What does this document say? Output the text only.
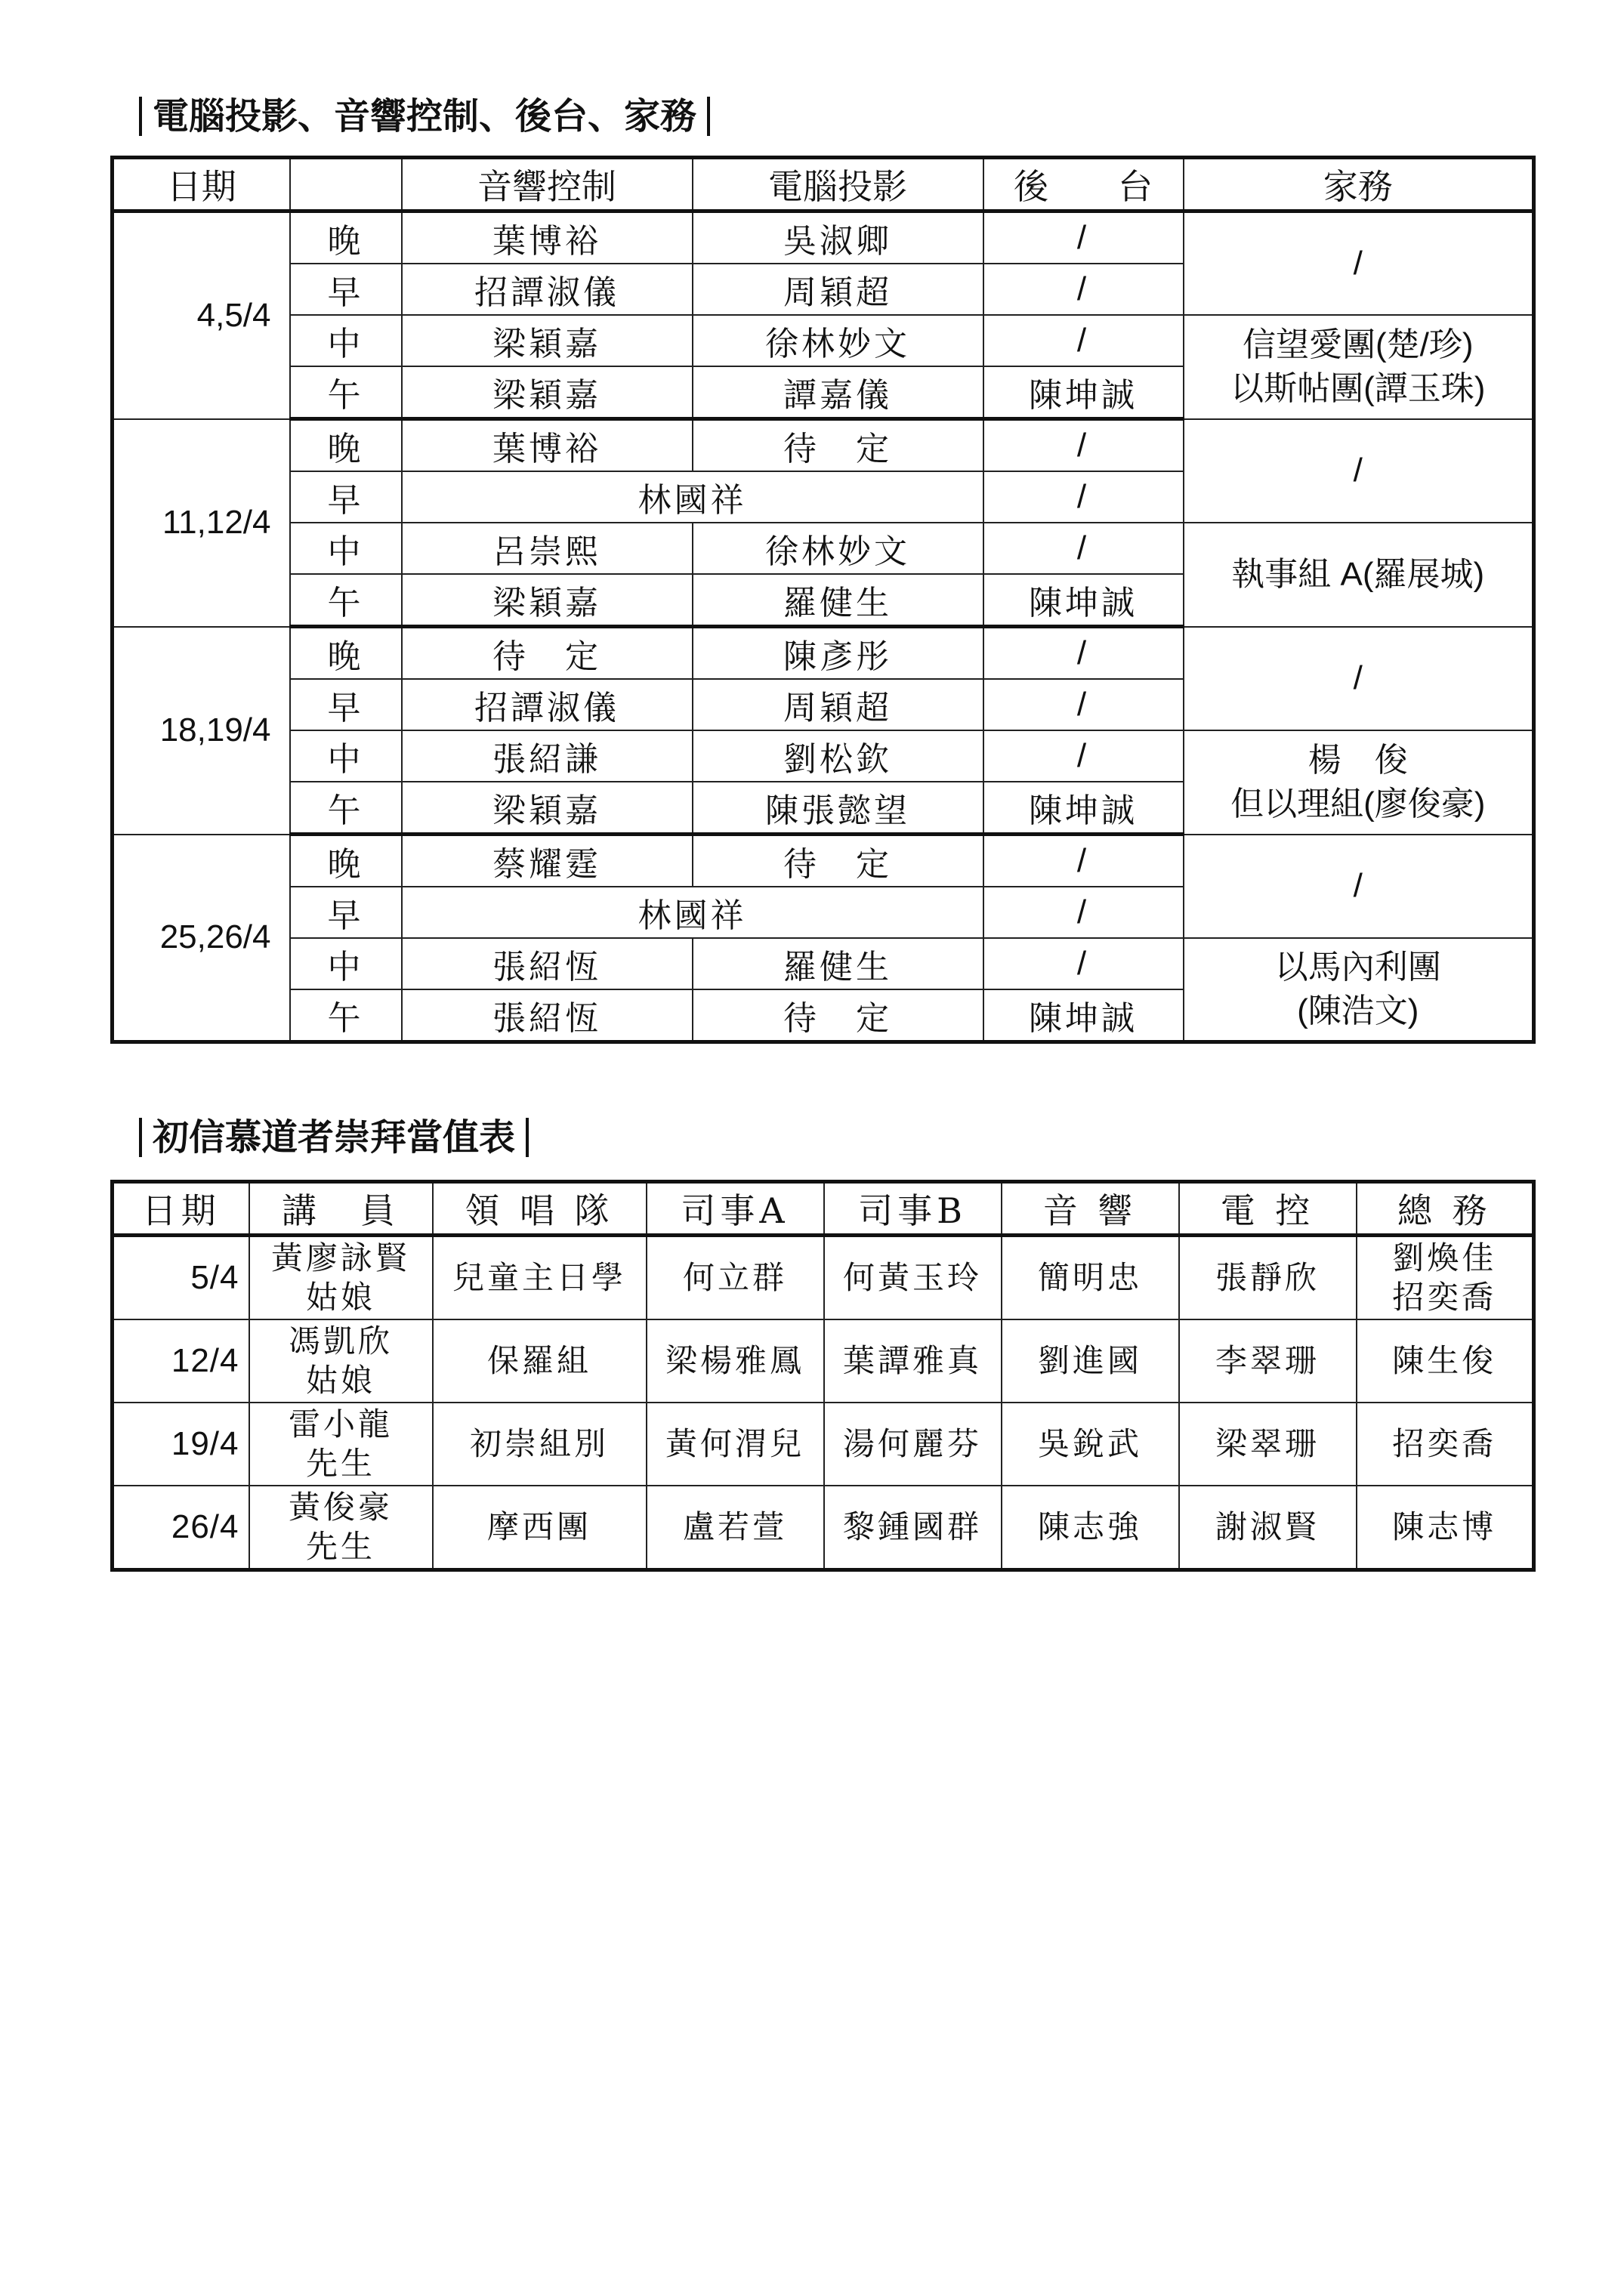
電腦投影、音響控制、後台、家務
日期		音響控制	電腦投影	後　　台	家務
4,5/4	晚	葉博裕	吳淑卿	/	/
	早	招譚淑儀	周穎超	/	
	中	梁穎嘉	徐林妙文	/	信望愛團(楚/珍)
以斯帖團(譚玉珠)

	午	梁穎嘉	譚嘉儀	陳坤誠	
11,12/4	晚	葉博裕	待　定	/	/
	早	林國祥		/	
	中	呂崇熙	徐林妙文	/	執事組 A(羅展城)

	午	梁穎嘉	羅健生	陳坤誠	
18,19/4	晚	待　定	陳彥彤	/	/
	早	招譚淑儀	周穎超	/	
	中	張紹謙	劉松欽	/	楊　俊
但以理組(廖俊豪)

	午	梁穎嘉	陳張懿望	陳坤誠	
25,26/4	晚	蔡耀霆	待　定	/	/
	早	林國祥		/	
	中	張紹恆	羅健生	/	以馬內利團
(陳浩文)

	午	張紹恆	待　定	陳坤誠	
初信慕道者崇拜當值表
日期	講　員	領 唱 隊	司事A	司事B	音 響	電 控	總 務
5/4	黃廖詠賢
姑娘	兒童主日學	何立群	何黃玉玲	簡明忠	張靜欣	劉煥佳
招奕喬

12/4	馮凱欣
姑娘	保羅組	梁楊雅鳳	葉譚雅真	劉進國	李翠珊	陳生俊
19/4	雷小龍
先生	初崇組別	黃何渭兒	湯何麗芬	吳銳武	梁翠珊	招奕喬
26/4	黃俊豪
先生	摩西團	盧若萱	黎鍾國群	陳志強	謝淑賢	陳志博
